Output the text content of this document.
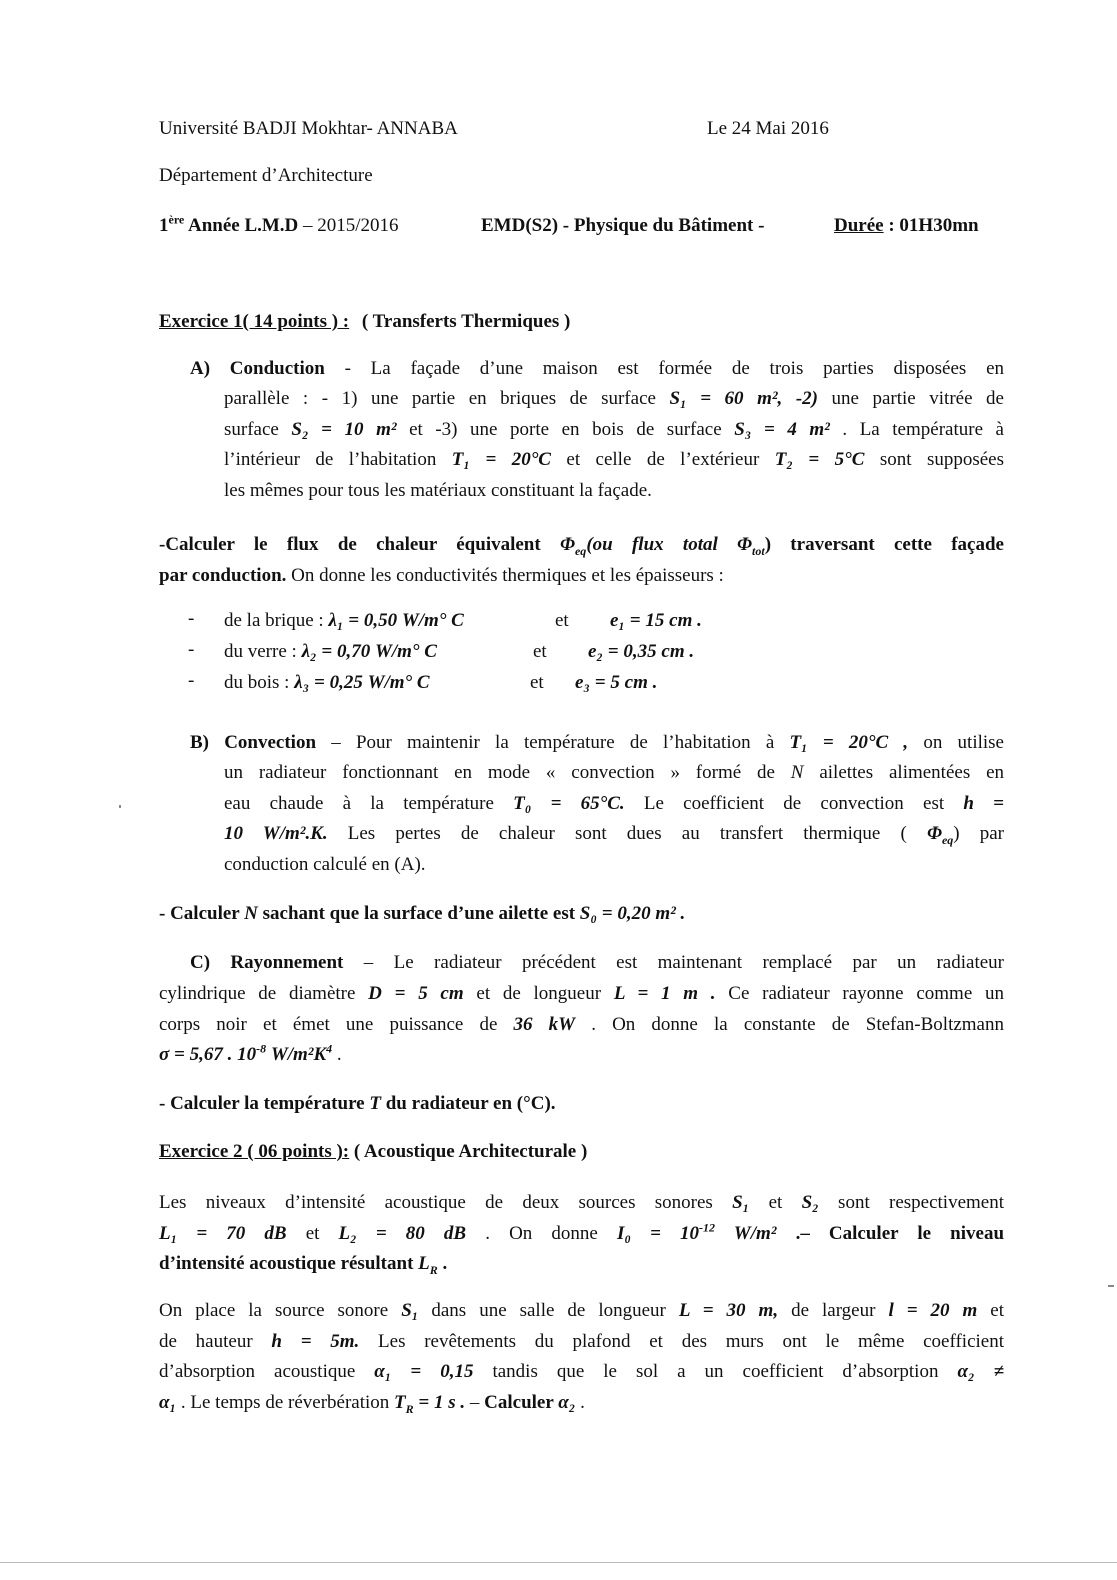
Université BADJI Mokhtar- ANNABA	Le 24 Mai 2016
Département d’Architecture
1ère Année L.M.D – 2015/2016	EMD(S2) - Physique du Bâtiment -	Durée : 01H30mn
Exercice 1( 14 points ) : ( Transferts Thermiques )
A) Conduction - La façade d’une maison est formée de trois parties disposées en
parallèle : - 1) une partie en briques de surface S₁ = 60 m², -2) une partie vitrée de
surface S₂ = 10 m² et -3) une porte en bois de surface S₃ = 4 m² . La température à
l’intérieur de l’habitation T₁ = 20°C et celle de l’extérieur T₂ = 5°C sont supposées
les mêmes pour tous les matériaux constituant la façade.
-Calculer le flux de chaleur équivalent $\Phi_{eq}(ou$ flux total $\Phi_{tot}$) traversant cette façade
par conduction. On donne les conductivités thermiques et les épaisseurs :
- de la brique : λ₁ = 0,50 W/m° C	et e₁ = 15 cm .
- du verre : λ₂ = 0,70 W/m° C	et e₂ = 0,35 cm .
- du bois : λ₃ = 0,25 W/m° C	et e₃ = 5 cm .
B) Convection – Pour maintenir la température de l’habitation à T₁ = 20°C , on utilise
un radiateur fonctionnant en mode « convection » formé de N ailettes alimentées en
eau chaude à la température T₀ = 65°C. Le coefficient de convection est h =
10 W/m².K. Les pertes de chaleur sont dues au transfert thermique ( $\Phi_{eq}$) par
conduction calculé en (A).
- Calculer N sachant que la surface d’une ailette est S₀ = 0,20 m² .
C) Rayonnement – Le radiateur précédent est maintenant remplacé par un radiateur
cylindrique de diamètre D = 5 cm et de longueur L = 1 m . Ce radiateur rayonne comme un
corps noir et émet une puissance de 36 kW . On donne la constante de Stefan-Boltzmann
σ = 5,67 . $10^{-8}$ $W/m^2K^4$ .
- Calculer la température T du radiateur en (°C).
Exercice 2 ( 06 points ): ( Acoustique Architecturale )
Les niveaux d’intensité acoustique de deux sources sonores S₁ et S₂ sont respectivement
L₁ = 70 dB et L₂ = 80 dB . On donne $I_0 = 10^{-12}$ W/m² .– Calculer le niveau
d’intensité acoustique résultant $L_R$ .
On place la source sonore S₁ dans une salle de longueur L = 30 m, de largeur l = 20 m et
de hauteur h = 5m. Les revêtements du plafond et des murs ont le même coefficient
d’absorption acoustique α₁ = 0,15 tandis que le sol a un coefficient d’absorption α₂ ≠
α₁ . Le temps de réverbération $T_R = 1$ s . – Calculer α₂ .
